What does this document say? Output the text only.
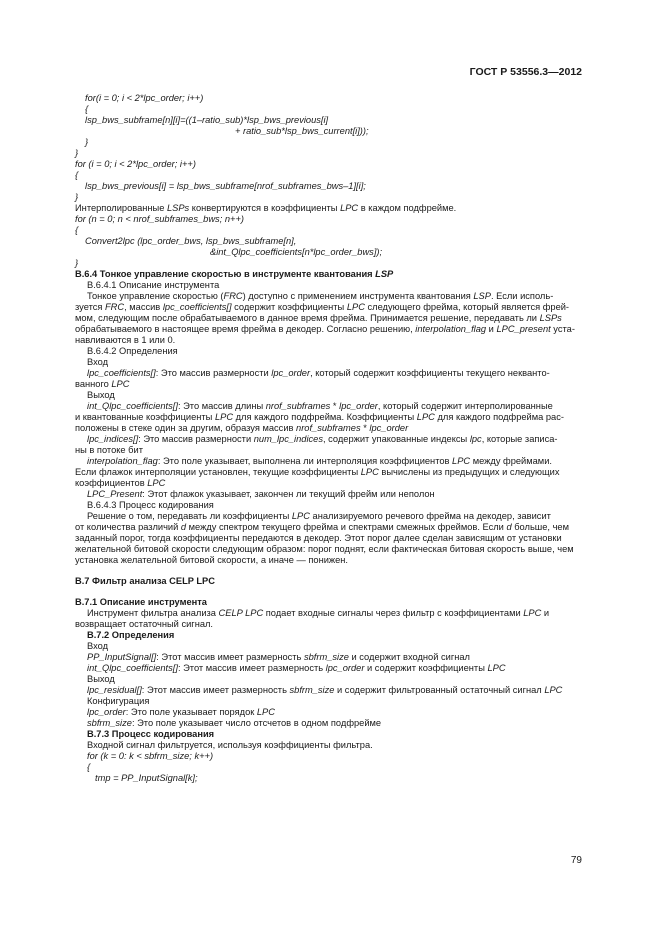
ГОСТ Р 53556.3—2012
for(i = 0; i < 2*lpc_order; i++)
{
lsp_bws_subframe[n][i]=((1–ratio_sub)*lsp_bws_previous[i]
+ ratio_sub*lsp_bws_current[i]));
}
}
for (i = 0; i < 2*lpc_order; i++)
{
lsp_bws_previous[i] = lsp_bws_subframe[nrof_subframes_bws–1][i];
}
Интерполированные LSPs конвертируются в коэффициенты LPC в каждом подфрейме.
for (n = 0; n < nrof_subframes_bws; n++)
{
Convert2lpc (lpc_order_bws, lsp_bws_subframe[n],
&int_Qlpc_coefficients[n*lpc_order_bws]);
}
B.6.4 Тонкое управление скоростью в инструменте квантования LSP
B.6.4.1 Описание инструмента
Тонкое управление скоростью (FRC) доступно с применением инструмента квантования LSP. Если исполь-
зуется FRC, массив lpc_coefficients[] содержит коэффициенты LPC следующего фрейма, который является фрей-
мом, следующим после обрабатываемого в данное время фрейма. Принимается решение, передавать ли LSPs
обрабатываемого в настоящее время фрейма в декодер. Согласно решению, interpolation_flag и LPC_present уста-
навливаются в 1 или 0.
B.6.4.2 Определения
Вход
lpc_coefficients[]: Это массив размерности lpc_order, который содержит коэффициенты текущего некванто-
ванного LPC
Выход
int_Qlpc_coefficients[]: Это массив длины nrof_subframes * lpc_order, который содержит интерполированные
и квантованные коэффициенты LPC для каждого подфрейма. Коэффициенты LPC для каждого подфрейма рас-
положены в стеке один за другим, образуя массив nrof_subframes * lpc_order
lpc_indices[]: Это массив размерности num_lpc_indices, содержит упакованные индексы lpc, которые записа-
ны в потоке бит
interpolation_flag: Это поле указывает, выполнена ли интерполяция коэффициентов LPC между фреймами.
Если флажок интерполяции установлен, текущие коэффициенты LPC вычислены из предыдущих и следующих
коэффициентов LPC
LPC_Present: Этот флажок указывает, закончен ли текущий фрейм или неполон
B.6.4.3 Процесс кодирования
Решение о том, передавать ли коэффициенты LPC анализируемого речевого фрейма на декодер, зависит
от количества различий d между спектром текущего фрейма и спектрами смежных фреймов. Если d больше, чем
заданный порог, тогда коэффициенты передаются в декодер. Этот порог далее сделан зависящим от установки
желательной битовой скорости следующим образом: порог поднят, если фактическая битовая скорость выше, чем
установка желательной битовой скорости, а иначе — понижен.
B.7 Фильтр анализа CELP LPC
B.7.1 Описание инструмента
Инструмент фильтра анализа CELP LPC подает входные сигналы через фильтр с коэффициентами LPC и
возвращает остаточный сигнал.
B.7.2 Определения
Вход
PP_InputSignal[]: Этот массив имеет размерность sbfrm_size и содержит входной сигнал
int_Qlpc_coefficients[]: Этот массив имеет размерность lpc_order и содержит коэффициенты LPC
Выход
lpc_residual[]: Этот массив имеет размерность sbfrm_size и содержит фильтрованный остаточный сигнал LPC
Конфигурация
lpc_order: Это поле указывает порядок LPC
sbfrm_size: Это поле указывает число отсчетов в одном подфрейме
B.7.3 Процесс кодирования
Входной сигнал фильтруется, используя коэффициенты фильтра.
for (k = 0: k < sbfrm_size; k++)
{
tmp = PP_InputSignal[k];
79
